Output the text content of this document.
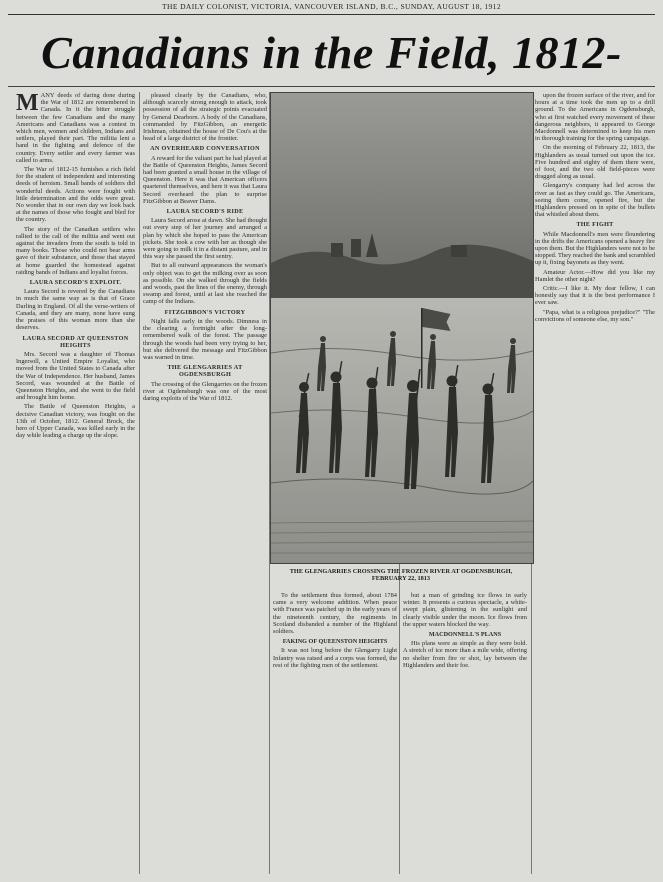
THE DAILY COLONIST, VICTORIA, VANCOUVER ISLAND, B.C., SUNDAY, AUGUST 18, 1912
Canadians in the Field, 1812-

MANY deeds of daring done during the War of 1812 are remembered in Canada. In it the bitter struggle between the few Canadians and the many Americans and Canadians was a contest in which men, women and children, Indians and settlers, played their part. The militia lent a hand in the fighting and defence of the country. Every settler and every farmer was called to arms.

The War of 1812-15 furnishes a rich field for the student of independent and interesting deeds of heroism. Small bands of soldiers did wonderful deeds. Actions were fought with little determination and the odds were great. No wonder that in our own day we look back at the names of those who fought and bled for the country.

The story of the Canadian settlers who rallied to the call of the militia and went out against the invaders from the south is told in many books. Those who could not bear arms gave of their substance, and those that stayed at home guarded the homestead against raiding bands of Indians and loyalist forces.

LAURA SECORD'S EXPLOIT.

Laura Secord is revered by the Canadians in much the same way as is that of Grace Darling in England. Of all the verse-writers of Canada, and they are many, none have sung the praises of this woman more than she deserves.

LAURA SECORD AT QUEENSTON HEIGHTS

Mrs. Secord was a daughter of Thomas Ingersoll, a United Empire Loyalist, who moved from the United States to Canada after the War of Independence. Her husband, James Secord, was wounded at the Battle of Queenston Heights, and she went to the field and brought him home.

The Battle of Queenston Heights, a decisive Canadian victory, was fought on the 13th of October, 1812. General Brock, the hero of Upper Canada, was killed early in the day while leading a charge up the slope.

pleased clearly by the Canadians, who, although scarcely strong enough to attack, took possession of all the strategic points evacuated by General Dearborn. A body of the Canadians, commanded by FitzGibbon, an energetic Irishman, obtained the house of De Cou's at the head of a large district of the frontier.

AN OVERHEARD CONVERSATION

A reward for the valiant part he had played at the Battle of Queenston Heights, James Secord had been granted a small house in the village of Queenston. Here it was that American officers quartered themselves, and here it was that Laura Secord overheard the plan to surprise FitzGibbon at Beaver Dams.

LAURA SECORD'S RIDE

Laura Secord arose at dawn. She had thought out every step of her journey and arranged a plan by which she hoped to pass the American pickets. She took a cow with her as though she were going to milk it in a distant pasture, and in this way she passed the first sentry.

But to all outward appearances the woman's only object was to get the milking over as soon as possible. On she walked through the fields and woods, past the lines of the enemy, through swamp and forest, until at last she reached the camp of the Indians.

FITZGIBBON'S VICTORY

Night falls early in the woods. Dimness in the clearing a fortnight after the long-remembered walk of the forest. The passage through the woods had been very trying to her, but she delivered the message and FitzGibbon was warned in time.

THE GLENGARRIES AT OGDENSBURGH

The crossing of the Glengarries on the frozen river at Ogdensburgh was one of the most daring exploits of the War of 1812.

THE GLENGARRIES CROSSING THE FROZEN RIVER AT OGDENSBURGH,
FEBRUARY 22, 1813

To the settlement thus formed, about 1784 came a very welcome addition. When peace with France was patched up in the early years of the nineteenth century, the regiments in Scotland disbanded a number of the Highland soldiers.

FAKING OF QUEENSTON HEIGHTS

It was not long before the Glengarry Light Infantry was raised and a corps was formed, the rest of the fighting men of the settlement.

but a man of grinding ice flows in early winter. It presents a curious spectacle, a white-swept plain, glistening in the sunlight and clearly visible under the moon. Ice flows from the upper waters blocked the way.

MACDONNELL'S PLANS

His plans were as simple as they were bold. A stretch of ice more than a mile wide, offering no shelter from fire or shot, lay between the Highlanders and their foe.

upon the frozen surface of the river, and for hours at a time took the men up to a drill ground. To the Americans in Ogdensburgh, who at first watched every movement of these dangerous neighbors, it appeared to George Macdonnell was determined to keep his men in thorough training for the spring campaign.

On the morning of February 22, 1813, the Highlanders as usual turned out upon the ice. Five hundred and eighty of them there were, of foot, and the two old field-pieces were dragged along as usual.

Glengarry's company had led across the river as fast as they could go. The Americans, seeing them come, opened fire, but the Highlanders pressed on in spite of the bullets that whistled about them.

THE FIGHT

While Macdonnell's men were floundering in the drifts the Americans opened a heavy fire upon them. But the Highlanders were not to be stopped. They reached the bank and scrambled up it, fixing bayonets as they went.

Amateur Actor.—How did you like my Hamlet the other night?

Critic.—I like it. My dear fellow, I can honestly say that it is the best performance I ever saw.

"Papa, what is a religious prejudice?" "The convictions of someone else, my son."
